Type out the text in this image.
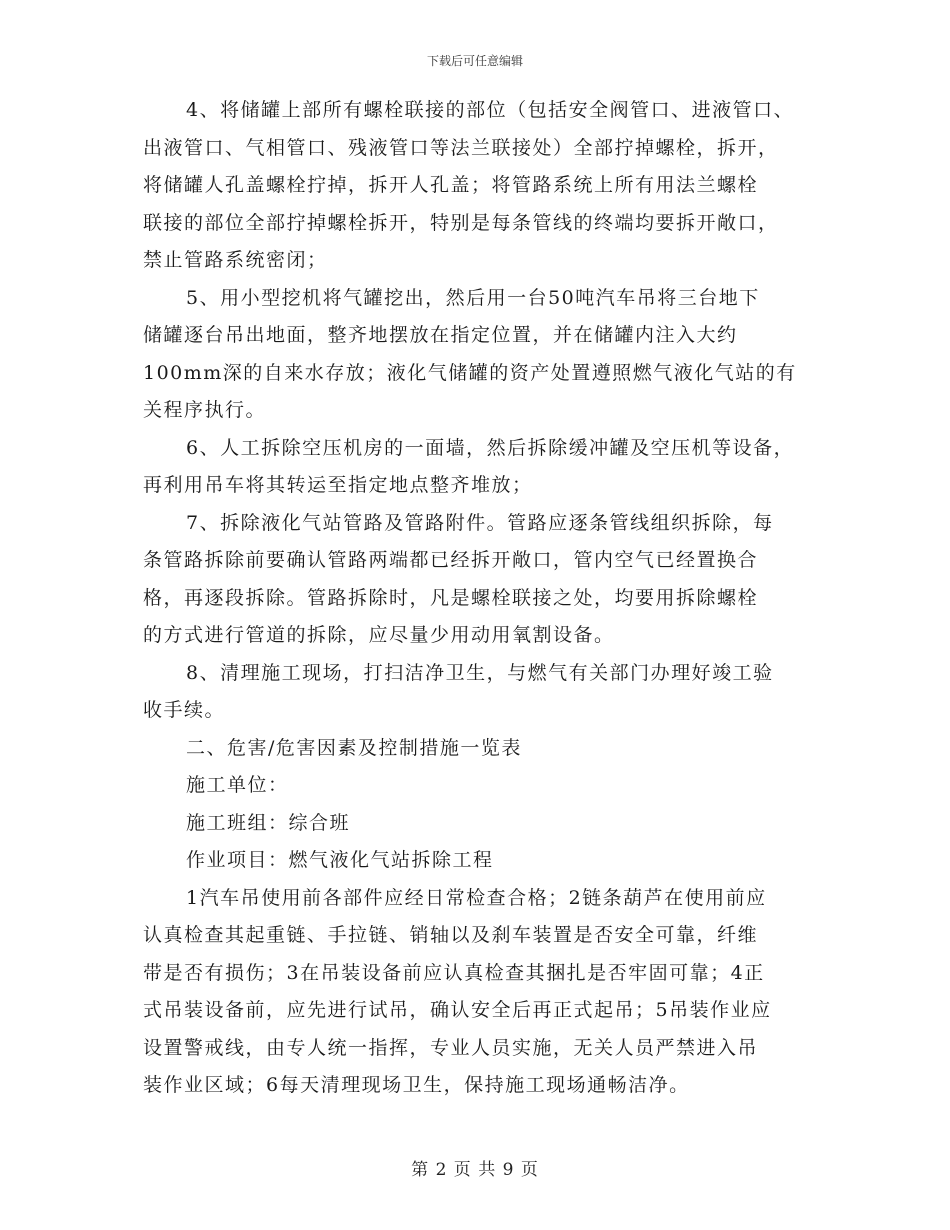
下载后可任意编辑
4、将储罐上部所有螺栓联接的部位（包括安全阀管口、进液管口、
出液管口、气相管口、残液管口等法兰联接处）全部拧掉螺栓，拆开，
将储罐人孔盖螺栓拧掉，拆开人孔盖；将管路系统上所有用法兰螺栓
联接的部位全部拧掉螺栓拆开，特别是每条管线的终端均要拆开敞口，
禁止管路系统密闭；
5、用小型挖机将气罐挖出，然后用一台50吨汽车吊将三台地下
储罐逐台吊出地面，整齐地摆放在指定位置，并在储罐内注入大约
100mm深的自来水存放；液化气储罐的资产处置遵照燃气液化气站的有
关程序执行。
6、人工拆除空压机房的一面墙，然后拆除缓冲罐及空压机等设备，
再利用吊车将其转运至指定地点整齐堆放；
7、拆除液化气站管路及管路附件。管路应逐条管线组织拆除，每
条管路拆除前要确认管路两端都已经拆开敞口，管内空气已经置换合
格，再逐段拆除。管路拆除时，凡是螺栓联接之处，均要用拆除螺栓
的方式进行管道的拆除，应尽量少用动用氧割设备。
8、清理施工现场，打扫洁净卫生，与燃气有关部门办理好竣工验
收手续。
二、危害/危害因素及控制措施一览表
施工单位：
施工班组：综合班
作业项目：燃气液化气站拆除工程
1汽车吊使用前各部件应经日常检查合格；2链条葫芦在使用前应
认真检查其起重链、手拉链、销轴以及刹车装置是否安全可靠，纤维
带是否有损伤；3在吊装设备前应认真检查其捆扎是否牢固可靠；4正
式吊装设备前，应先进行试吊，确认安全后再正式起吊；5吊装作业应
设置警戒线，由专人统一指挥，专业人员实施，无关人员严禁进入吊
装作业区域；6每天清理现场卫生，保持施工现场通畅洁净。
第 2 页 共 9 页
